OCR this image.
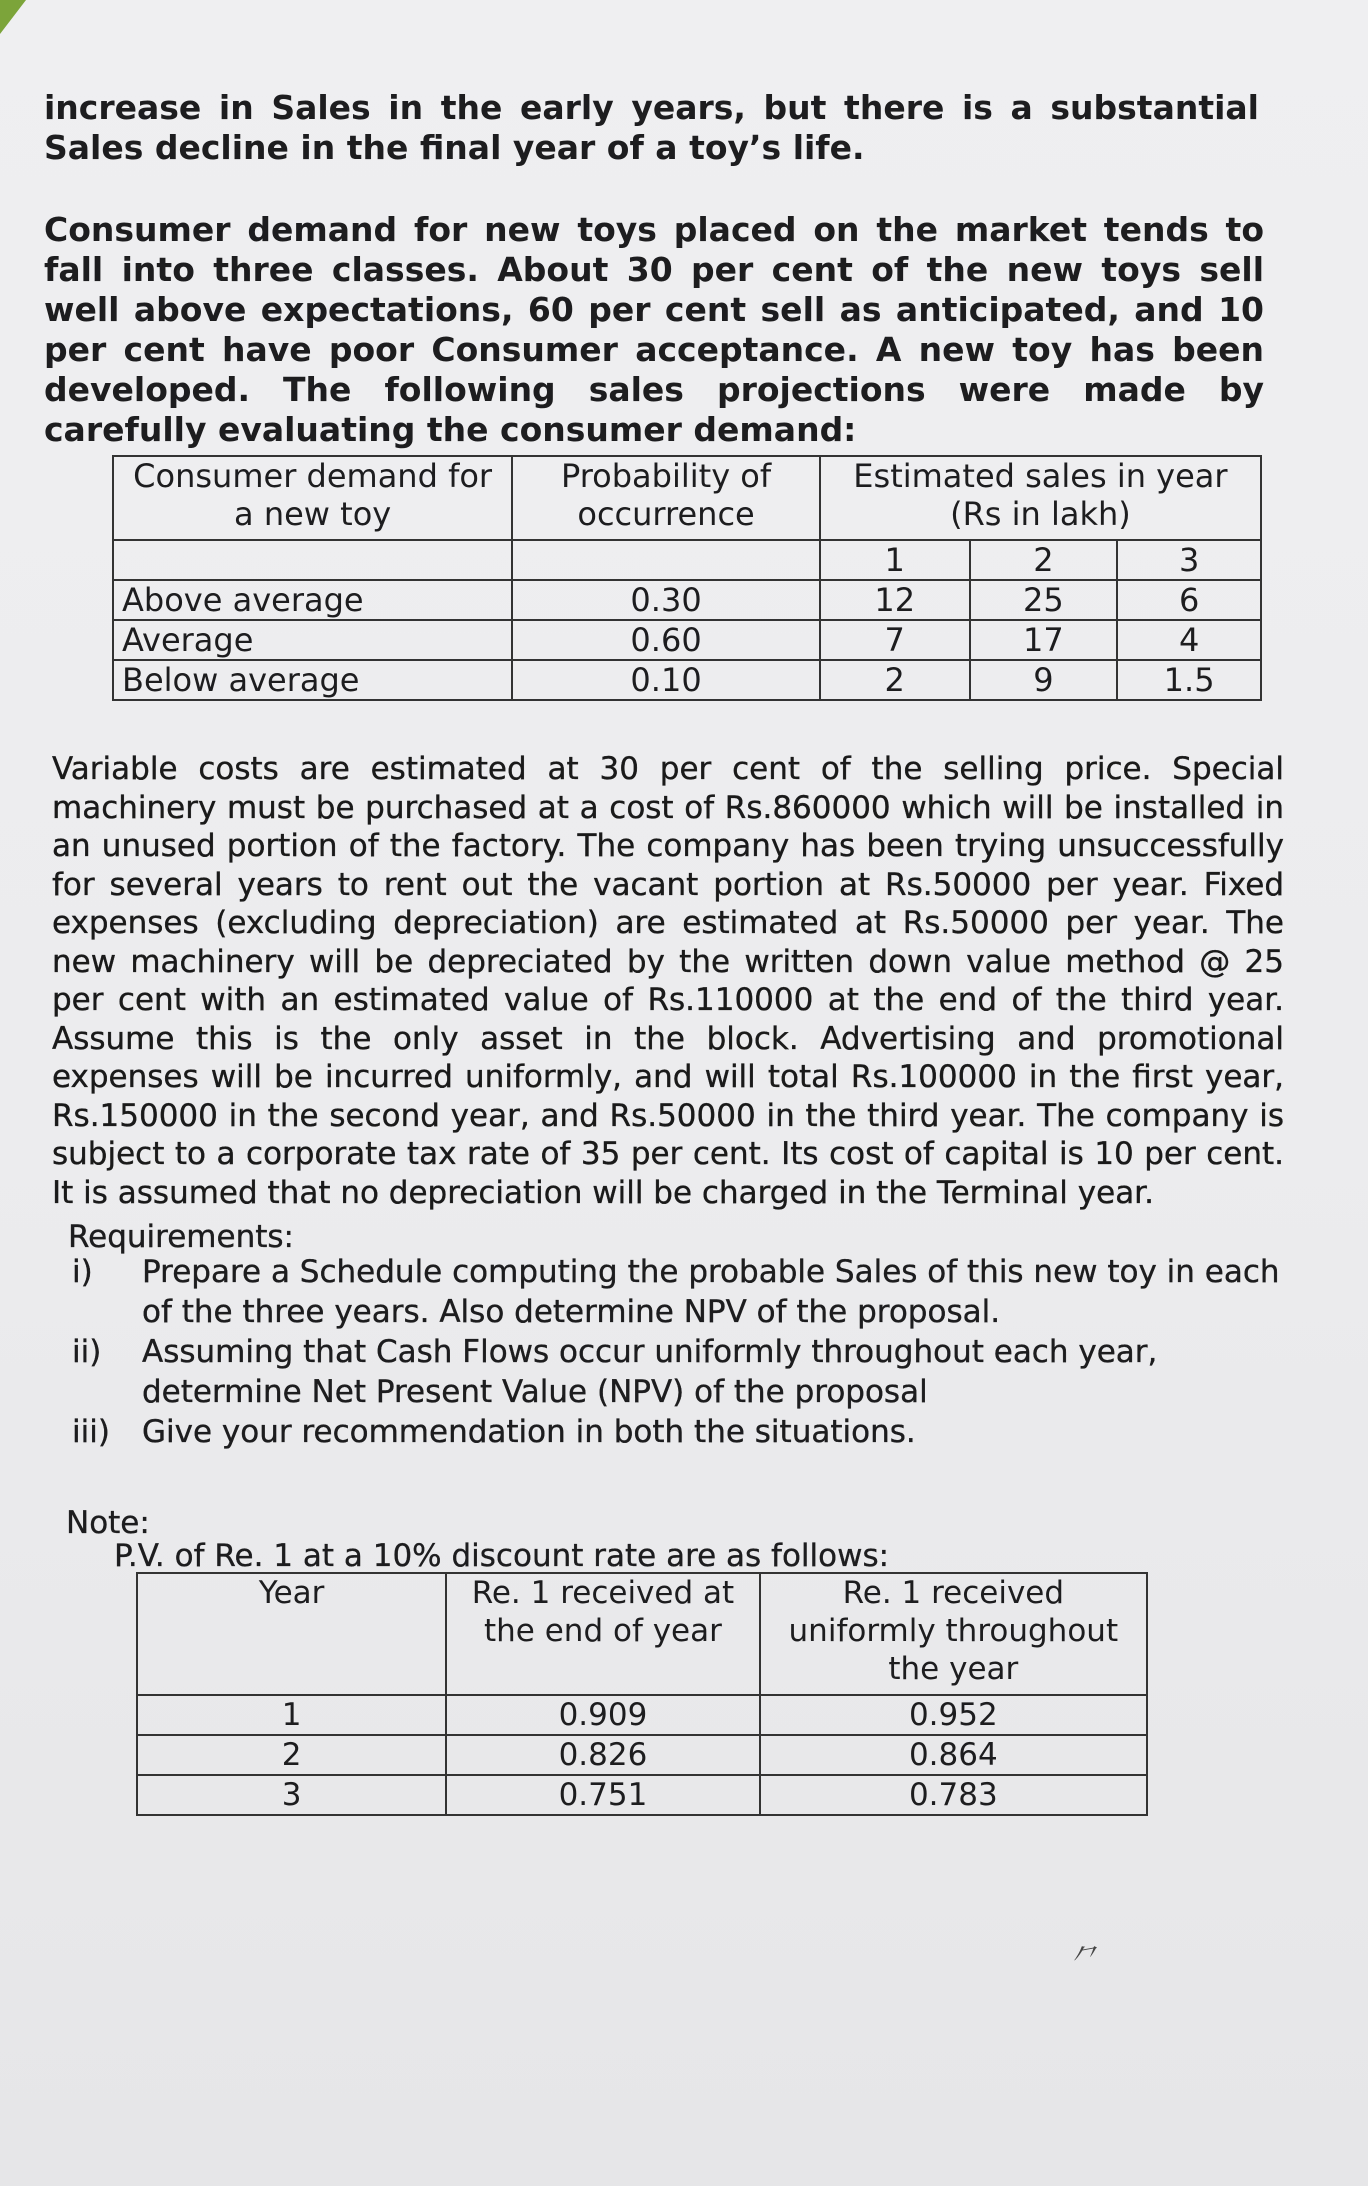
increase in Sales in the early years, but there is a substantial Sales decline in the final year of a toy’s life.

Consumer demand for new toys placed on the market tends to fall into three classes. About 30 per cent of the new toys sell well above expectations, 60 per cent sell as anticipated, and 10 per cent have poor Consumer acceptance. A new toy has been developed. The following sales projections were made by carefully evaluating the consumer demand:

Consumer demand for a new toy	Probability of occurrence	Estimated sales in year (Rs in lakh)		
		1	2	3
Above average	0.30	12	25	6
Average	0.60	7	17	4
Below average	0.10	2	9	1.5

Variable costs are estimated at 30 per cent of the selling price. Special machinery must be purchased at a cost of Rs.860000 which will be installed in an unused portion of the factory. The company has been trying unsuccessfully for several years to rent out the vacant portion at Rs.50000 per year. Fixed expenses (excluding depreciation) are estimated at Rs.50000 per year. The new machinery will be depreciated by the written down value method @ 25 per cent with an estimated value of Rs.110000 at the end of the third year. Assume this is the only asset in the block. Advertising and promotional expenses will be incurred uniformly, and will total Rs.100000 in the first year, Rs.150000 in the second year, and Rs.50000 in the third year. The company is subject to a corporate tax rate of 35 per cent. Its cost of capital is 10 per cent. It is assumed that no depreciation will be charged in the Terminal year.

Requirements:
i)	Prepare a Schedule computing the probable Sales of this new toy in each of the three years. Also determine NPV of the proposal.
ii)	Assuming that Cash Flows occur uniformly throughout each year, determine Net Present Value (NPV) of the proposal
iii)	Give your recommendation in both the situations.
Note:
P.V. of Re. 1 at a 10% discount rate are as follows:
Year	Re. 1 received at the end of year	Re. 1 received uniformly throughout the year
1	0.909	0.952
2	0.826	0.864
3	0.751	0.783
⺈
